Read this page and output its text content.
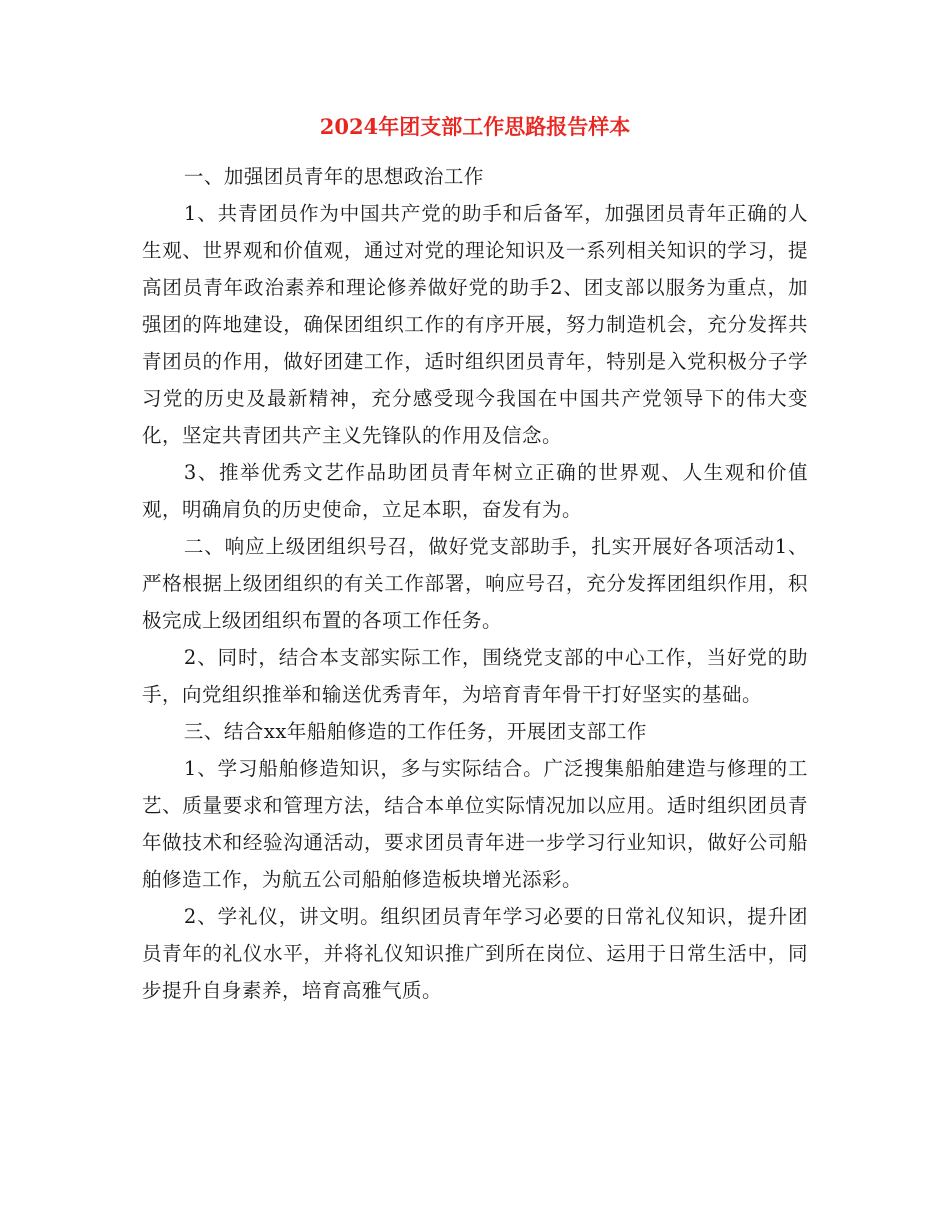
2024年团支部工作思路报告样本

一、加强团员青年的思想政治工作

1、共青团员作为中国共产党的助手和后备军，加强团员青年正确的人生观、世界观和价值观，通过对党的理论知识及一系列相关知识的学习，提高团员青年政治素养和理论修养做好党的助手2、团支部以服务为重点，加强团的阵地建设，确保团组织工作的有序开展，努力制造机会，充分发挥共青团员的作用，做好团建工作，适时组织团员青年，特别是入党积极分子学习党的历史及最新精神，充分感受现今我国在中国共产党领导下的伟大变化，坚定共青团共产主义先锋队的作用及信念。

3、推举优秀文艺作品助团员青年树立正确的世界观、人生观和价值观，明确肩负的历史使命，立足本职，奋发有为。

二、响应上级团组织号召，做好党支部助手，扎实开展好各项活动1、严格根据上级团组织的有关工作部署，响应号召，充分发挥团组织作用，积极完成上级团组织布置的各项工作任务。

2、同时，结合本支部实际工作，围绕党支部的中心工作，当好党的助手，向党组织推举和输送优秀青年，为培育青年骨干打好坚实的基础。

三、结合xx年船舶修造的工作任务，开展团支部工作

1、学习船舶修造知识，多与实际结合。广泛搜集船舶建造与修理的工艺、质量要求和管理方法，结合本单位实际情况加以应用。适时组织团员青年做技术和经验沟通活动，要求团员青年进一步学习行业知识，做好公司船舶修造工作，为航五公司船舶修造板块增光添彩。

2、学礼仪，讲文明。组织团员青年学习必要的日常礼仪知识，提升团员青年的礼仪水平，并将礼仪知识推广到所在岗位、运用于日常生活中，同步提升自身素养，培育高雅气质。
